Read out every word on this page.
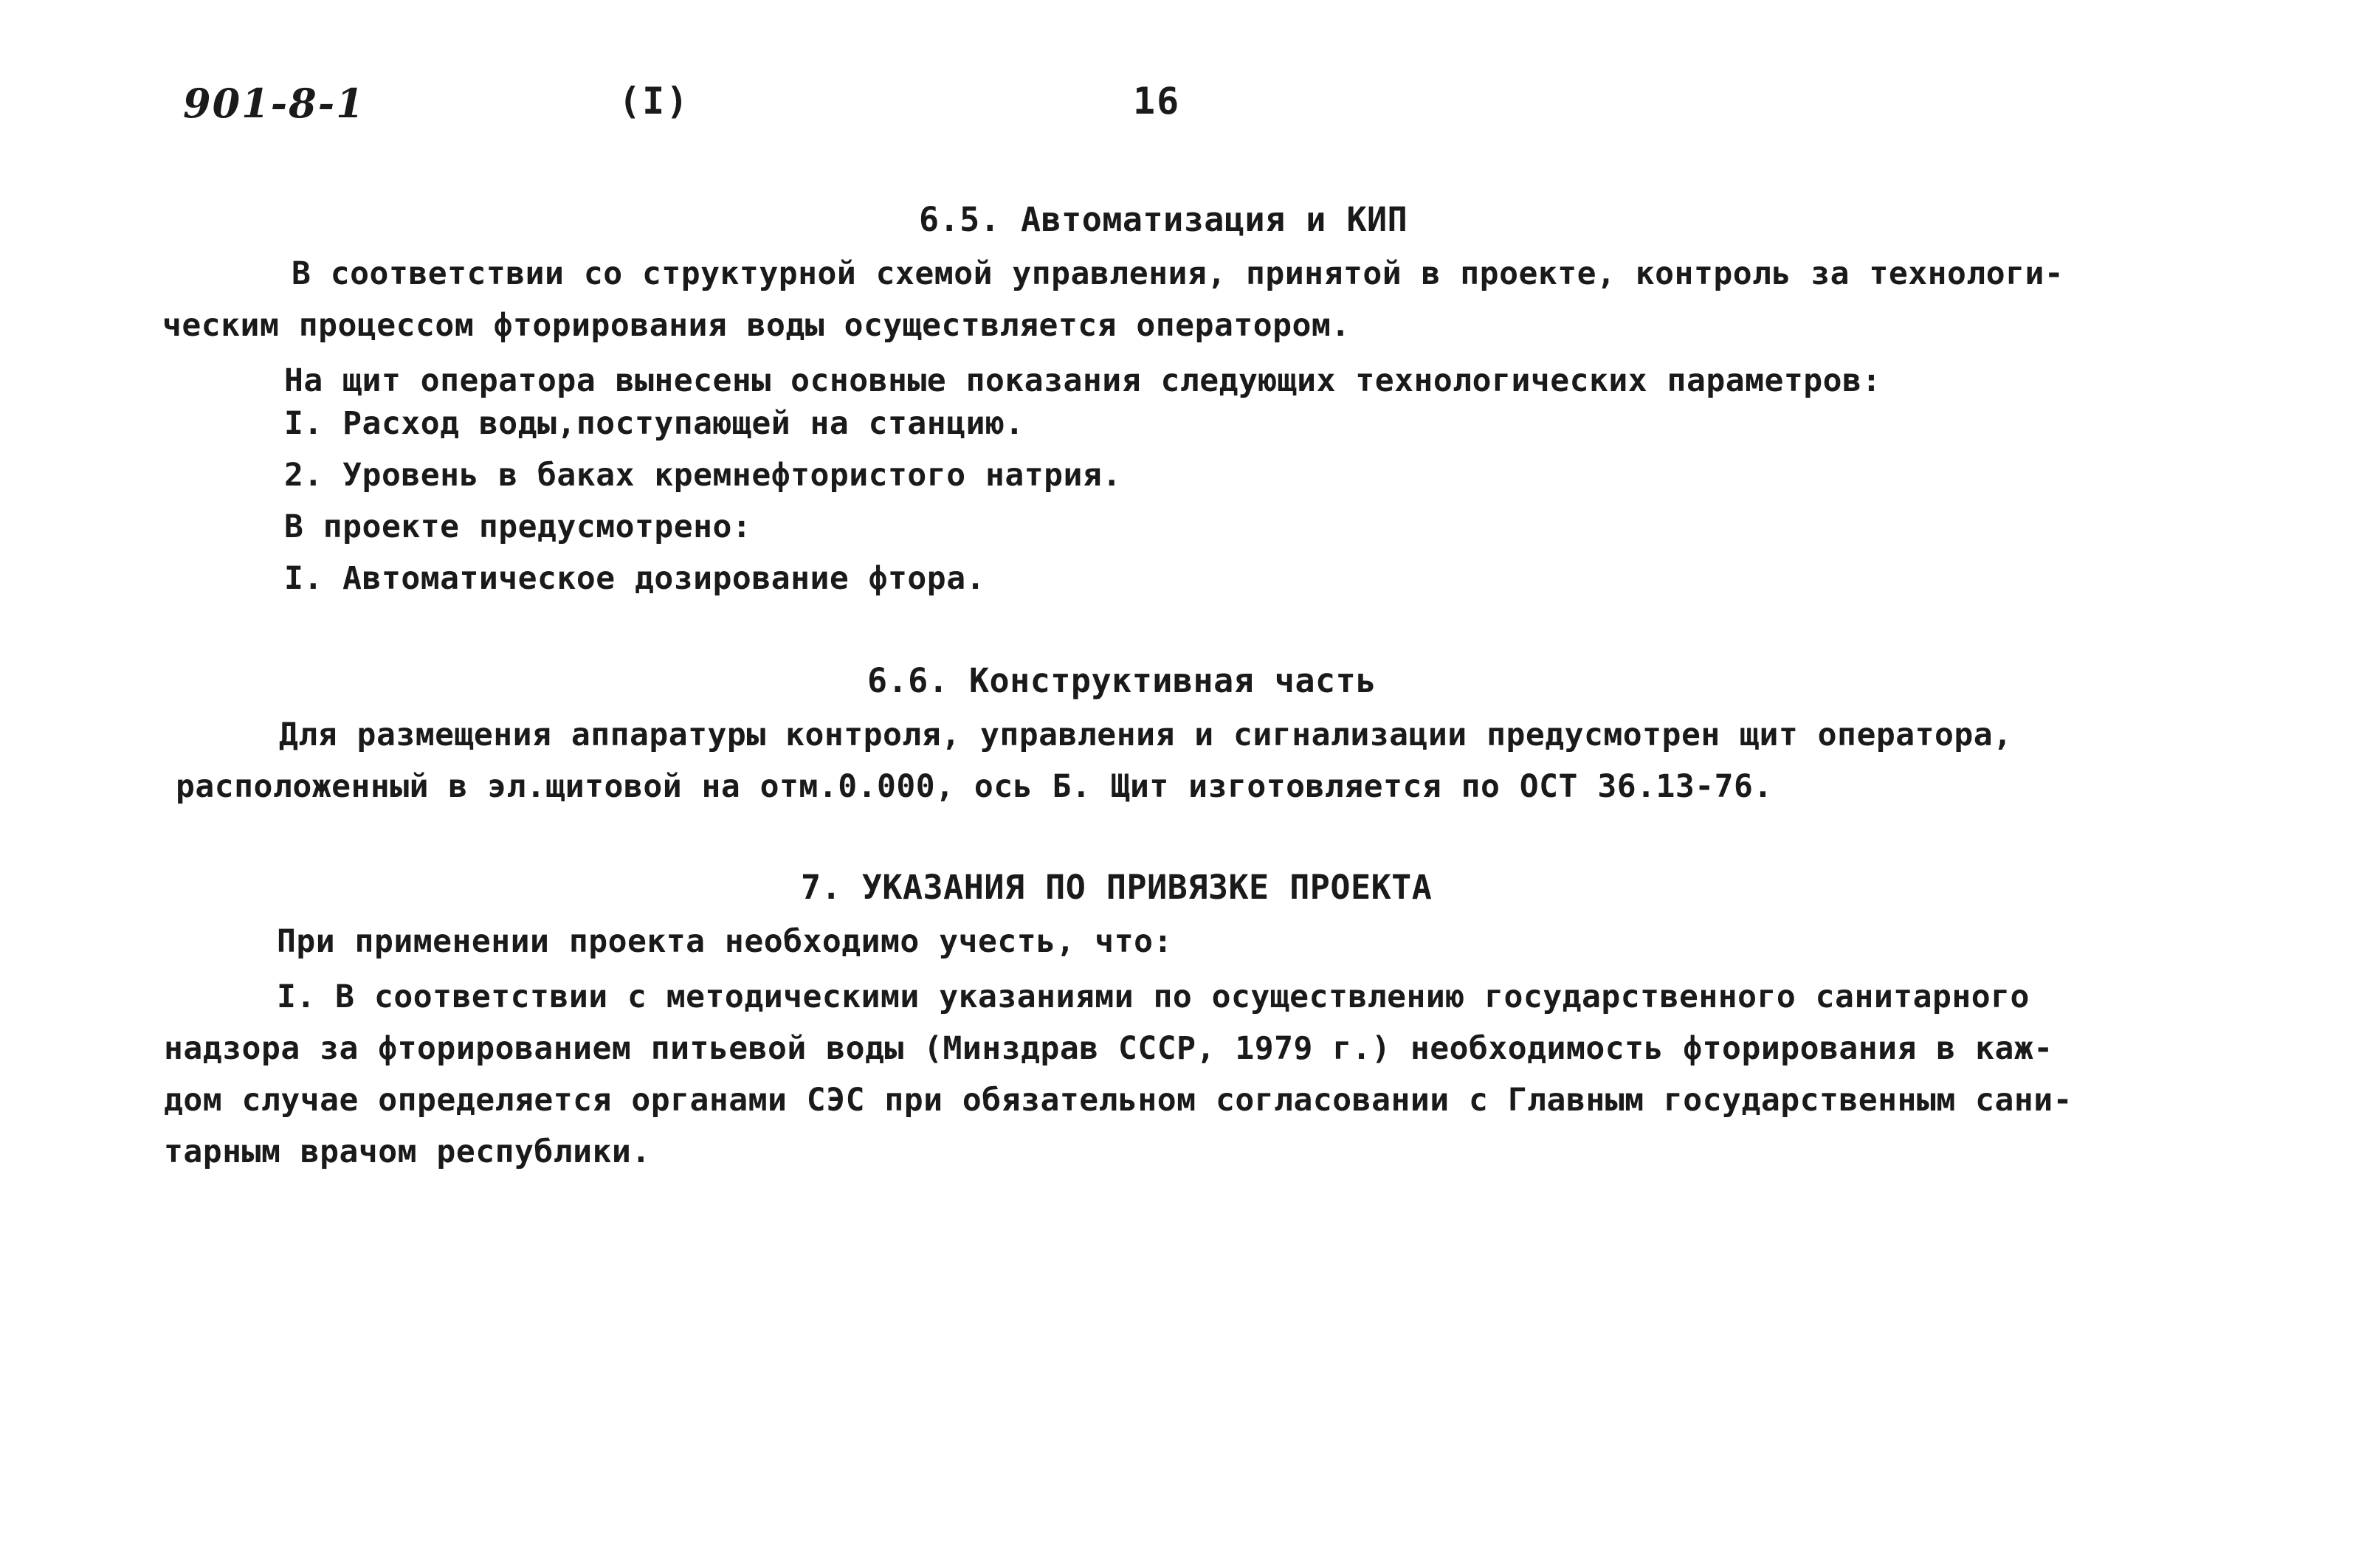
901-8-1	(I)	16
6.5. Автоматизация и КИП
В соответствии со структурной схемой управления, принятой в проекте, контроль за технологи-
ческим процессом фторирования воды осуществляется оператором.
На щит оператора вынесены основные показания следующих технологических параметров:
I. Расход воды,поступающей на станцию.
2. Уровень в баках кремнефтористого натрия.
В проекте предусмотрено:
I. Автоматическое дозирование фтора.
6.6. Конструктивная часть
Для размещения аппаратуры контроля, управления и сигнализации предусмотрен щит оператора,
расположенный в эл.щитовой на отм.0.000, ось Б. Щит изготовляется по ОСТ 36.13-76.
7. УКАЗАНИЯ ПО ПРИВЯЗКЕ ПРОЕКТА
При применении проекта необходимо учесть, что:
I. В соответствии с методическими указаниями по осуществлению государственного санитарного
надзора за фторированием питьевой воды (Минздрав СССР, 1979 г.) необходимость фторирования в каж-
дом случае определяется органами СЭС при обязательном согласовании с Главным государственным сани-
тарным врачом республики.
